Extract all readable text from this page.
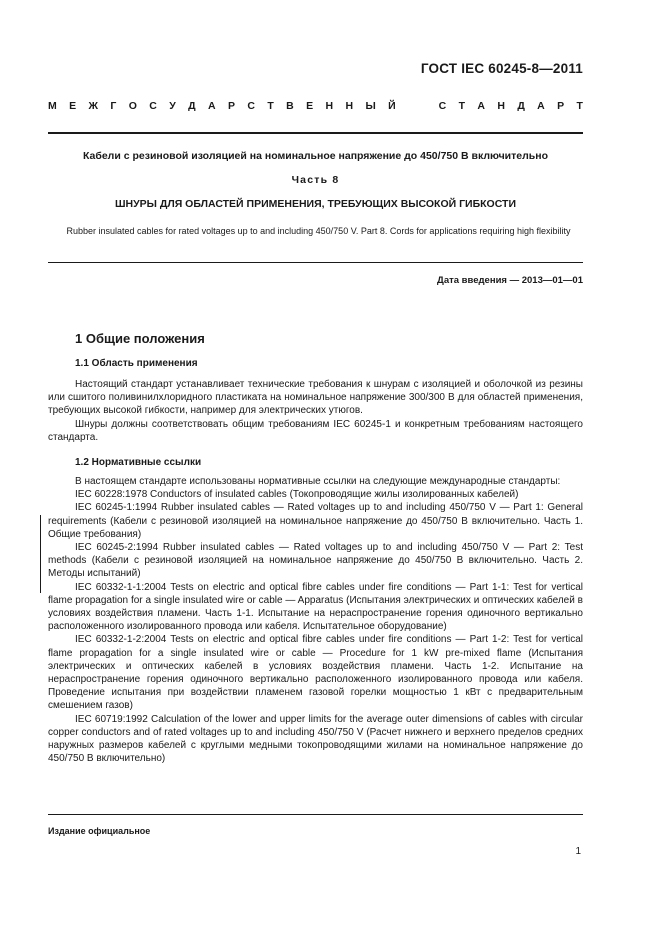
ГОСТ IEC 60245-8—2011
М Е Ж Г О С У Д А Р С Т В Е Н Н Ы Й

	С Т А Н Д А Р Т
Кабели с резиновой изоляцией на номинальное напряжение до 450/750 В включительно
Часть 8
ШНУРЫ ДЛЯ ОБЛАСТЕЙ ПРИМЕНЕНИЯ, ТРЕБУЮЩИХ ВЫСОКОЙ ГИБКОСТИ
Rubber insulated cables for rated voltages up to and including 450/750 V. Part 8. Cords for applications requiring high flexibility
Дата введения — 2013—01—01
1 Общие положения
1.1 Область применения

Настоящий стандарт устанавливает технические требования к шнурам с изоляцией и оболочкой из резины или сшитого поливинилхлоридного пластиката на номинальное напряжение 300/300 В для областей применения, требующих высокой гибкости, например для электрических утюгов.

Шнуры должны соответствовать общим требованиям IEC 60245-1 и конкретным требованиям настоящего стандарта.

1.2 Нормативные ссылки

В настоящем стандарте использованы нормативные ссылки на следующие международные стандарты:

IEC 60228:1978 Conductors of insulated cables (Токопроводящие жилы изолированных кабелей)

IEC 60245-1:1994 Rubber insulated cables — Rated voltages up to and including 450/750 V — Part 1: General requirements (Кабели с резиновой изоляцией на номинальное напряжение до 450/750 В включительно. Часть 1. Общие требования)

IEC 60245-2:1994 Rubber insulated cables — Rated voltages up to and including 450/750 V — Part 2: Test methods (Кабели с резиновой изоляцией на номинальное напряжение до 450/750 В включительно. Часть 2. Методы испытаний)

IEC 60332-1-1:2004 Tests on electric and optical fibre cables under fire conditions — Part 1-1: Test for vertical flame propagation for a single insulated wire or cable — Apparatus (Испытания электрических и оптических кабелей в условиях воздействия пламени. Часть 1-1. Испытание на нераспространение горения одиночного вертикально расположенного изолированного провода или кабеля. Испытательное оборудование)

IEC 60332-1-2:2004 Tests on electric and optical fibre cables under fire conditions — Part 1-2: Test for vertical flame propagation for a single insulated wire or cable — Procedure for 1 kW pre-mixed flame (Испытания электрических и оптических кабелей в условиях воздействия пламени. Часть 1-2. Испытание на нераспространение горения одиночного вертикально расположенного изолированного провода или кабеля. Проведение испытания при воздействии пламенем газовой горелки мощностью 1 кВт с предварительным смешением газов)

IEC 60719:1992 Calculation of the lower and upper limits for the average outer dimensions of cables with circular copper conductors and of rated voltages up to and including 450/750 V (Расчет нижнего и верхнего пределов средних наружных размеров кабелей с круглыми медными токопроводящими жилами на номинальное напряжение до 450/750 В включительно)

Издание официальное
1
